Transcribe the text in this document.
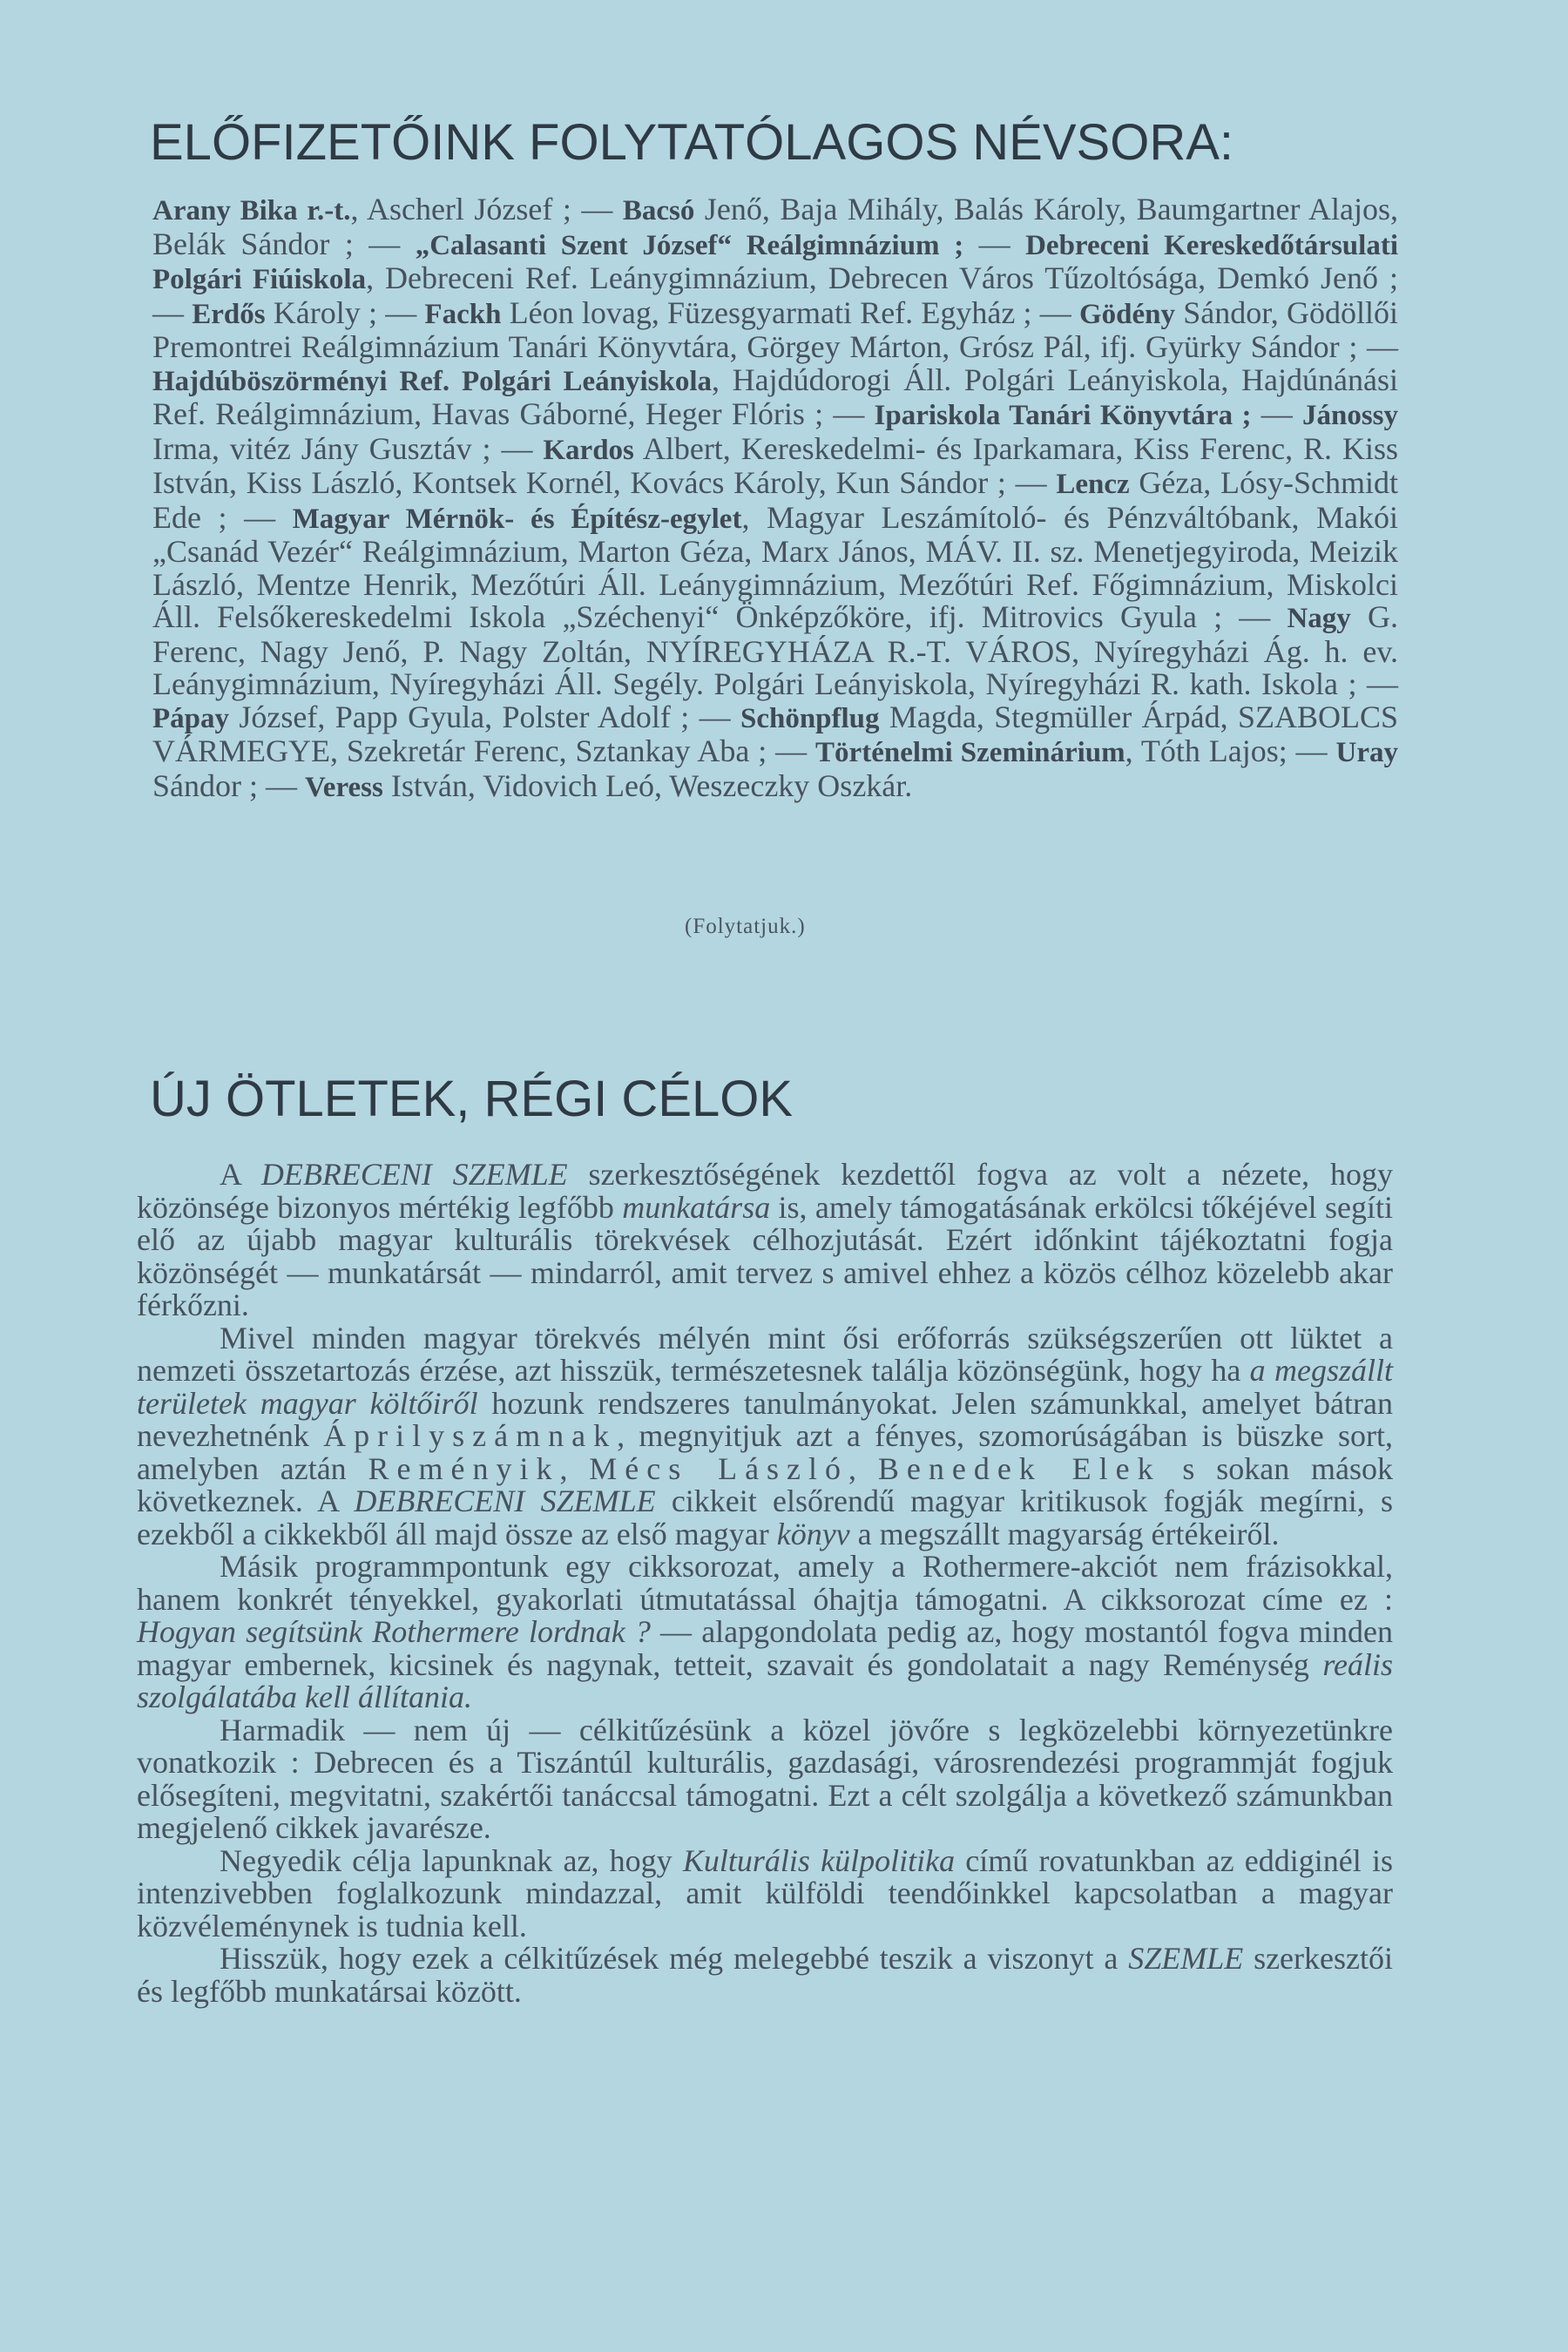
ELŐFIZETŐINK FOLYTATÓLAGOS NÉVSORA:
Arany Bika r.-t., Ascherl József ; — Bacsó Jenő, Baja Mihály, Balás Károly, Baumgartner Alajos, Belák Sándor ; — „Calasanti Szent József“ Reálgimnázium ; — Debreceni Kereskedőtársulati Polgári Fiúiskola, Debreceni Ref. Leánygimnázium, Debrecen Város Tűzoltósága, Demkó Jenő ; — Erdős Károly ; — Fackh Léon lovag, Füzesgyarmati Ref. Egyház ; — Gödény Sándor, Gödöllői Premontrei Reálgimnázium Tanári Könyvtára, Görgey Márton, Grósz Pál, ifj. Gyürky Sándor ; — Hajdúböszörményi Ref. Polgári Leányiskola, Hajdúdorogi Áll. Polgári Leányiskola, Hajdúnánási Ref. Reálgimnázium, Havas Gáborné, Heger Flóris ; — Ipariskola Tanári Könyvtára ; — Jánossy Irma, vitéz Jány Gusztáv ; — Kardos Albert, Kereskedelmi- és Iparkamara, Kiss Ferenc, R. Kiss István, Kiss László, Kontsek Kornél, Kovács Károly, Kun Sándor ; — Lencz Géza, Lósy-Schmidt Ede ; — Magyar Mérnök- és Építész-egylet, Magyar Leszámítoló- és Pénzváltóbank, Makói „Csanád Vezér“ Reálgimnázium, Marton Géza, Marx János, MÁV. II. sz. Menetjegyiroda, Meizik László, Mentze Henrik, Mezőtúri Áll. Leánygimnázium, Mezőtúri Ref. Főgimnázium, Miskolci Áll. Felsőkereskedelmi Iskola „Széchenyi“ Önképzőköre, ifj. Mitrovics Gyula ; — Nagy G. Ferenc, Nagy Jenő, P. Nagy Zoltán, NYÍREGYHÁZA R.-T. VÁROS, Nyíregyházi Ág. h. ev. Leánygimnázium, Nyíregyházi Áll. Segély. Polgári Leányiskola, Nyíregyházi R. kath. Iskola ; — Pápay József, Papp Gyula, Polster Adolf ; — Schönpflug Magda, Stegmüller Árpád, SZABOLCS VÁRMEGYE, Szekretár Ferenc, Sztankay Aba ; — Történelmi Szeminárium, Tóth Lajos; — Uray Sándor ; — Veress István, Vidovich Leó, Weszeczky Oszkár.
(Folytatjuk.)
ÚJ ÖTLETEK, RÉGI CÉLOK

A DEBRECENI SZEMLE szerkesztőségének kezdettől fogva az volt a nézete, hogy közönsége bizonyos mértékig legfőbb munkatársa is, amely támogatásának erkölcsi tőkéjével segíti elő az újabb magyar kulturális törekvések célhozjutását. Ezért időnkint tájékoztatni fogja közönségét — munkatársát — mindarról, amit tervez s amivel ehhez a közös célhoz közelebb akar férkőzni.

Mivel minden magyar törekvés mélyén mint ősi erőforrás szükségszerűen ott lüktet a nemzeti összetartozás érzése, azt hisszük, természetesnek találja közönségünk, hogy ha a megszállt területek magyar költőiről hozunk rendszeres tanulmányokat. Jelen számunkkal, amelyet bátran nevezhetnénk Áprilyszámnak, megnyitjuk azt a fényes, szomorúságában is büszke sort, amelyben aztán Reményik, Mécs László, Benedek Elek s sokan mások következnek. A DEBRECENI SZEMLE cikkeit elsőrendű magyar kritikusok fogják megírni, s ezekből a cikkekből áll majd össze az első magyar könyv a megszállt magyarság értékeiről.

Másik programmpontunk egy cikksorozat, amely a Rothermere-akciót nem frázisokkal, hanem konkrét tényekkel, gyakorlati útmutatással óhajtja támogatni. A cikksorozat címe ez : Hogyan segítsünk Rothermere lordnak ? — alapgondolata pedig az, hogy mostantól fogva minden magyar embernek, kicsinek és nagynak, tetteit, szavait és gondolatait a nagy Reménység reális szolgálatába kell állítania.

Harmadik — nem új — célkitűzésünk a közel jövőre s legközelebbi környezetünkre vonatkozik : Debrecen és a Tiszántúl kulturális, gazdasági, városrendezési programmját fogjuk elősegíteni, megvitatni, szakértői tanáccsal támogatni. Ezt a célt szolgálja a következő számunkban megjelenő cikkek javarésze.

Negyedik célja lapunknak az, hogy Kulturális külpolitika című rovatunkban az eddiginél is intenzivebben foglalkozunk mindazzal, amit külföldi teendőinkkel kapcsolatban a magyar közvéleménynek is tudnia kell.

Hisszük, hogy ezek a célkitűzések még melegebbé teszik a viszonyt a SZEMLE szerkesztői és legfőbb munkatársai között.
